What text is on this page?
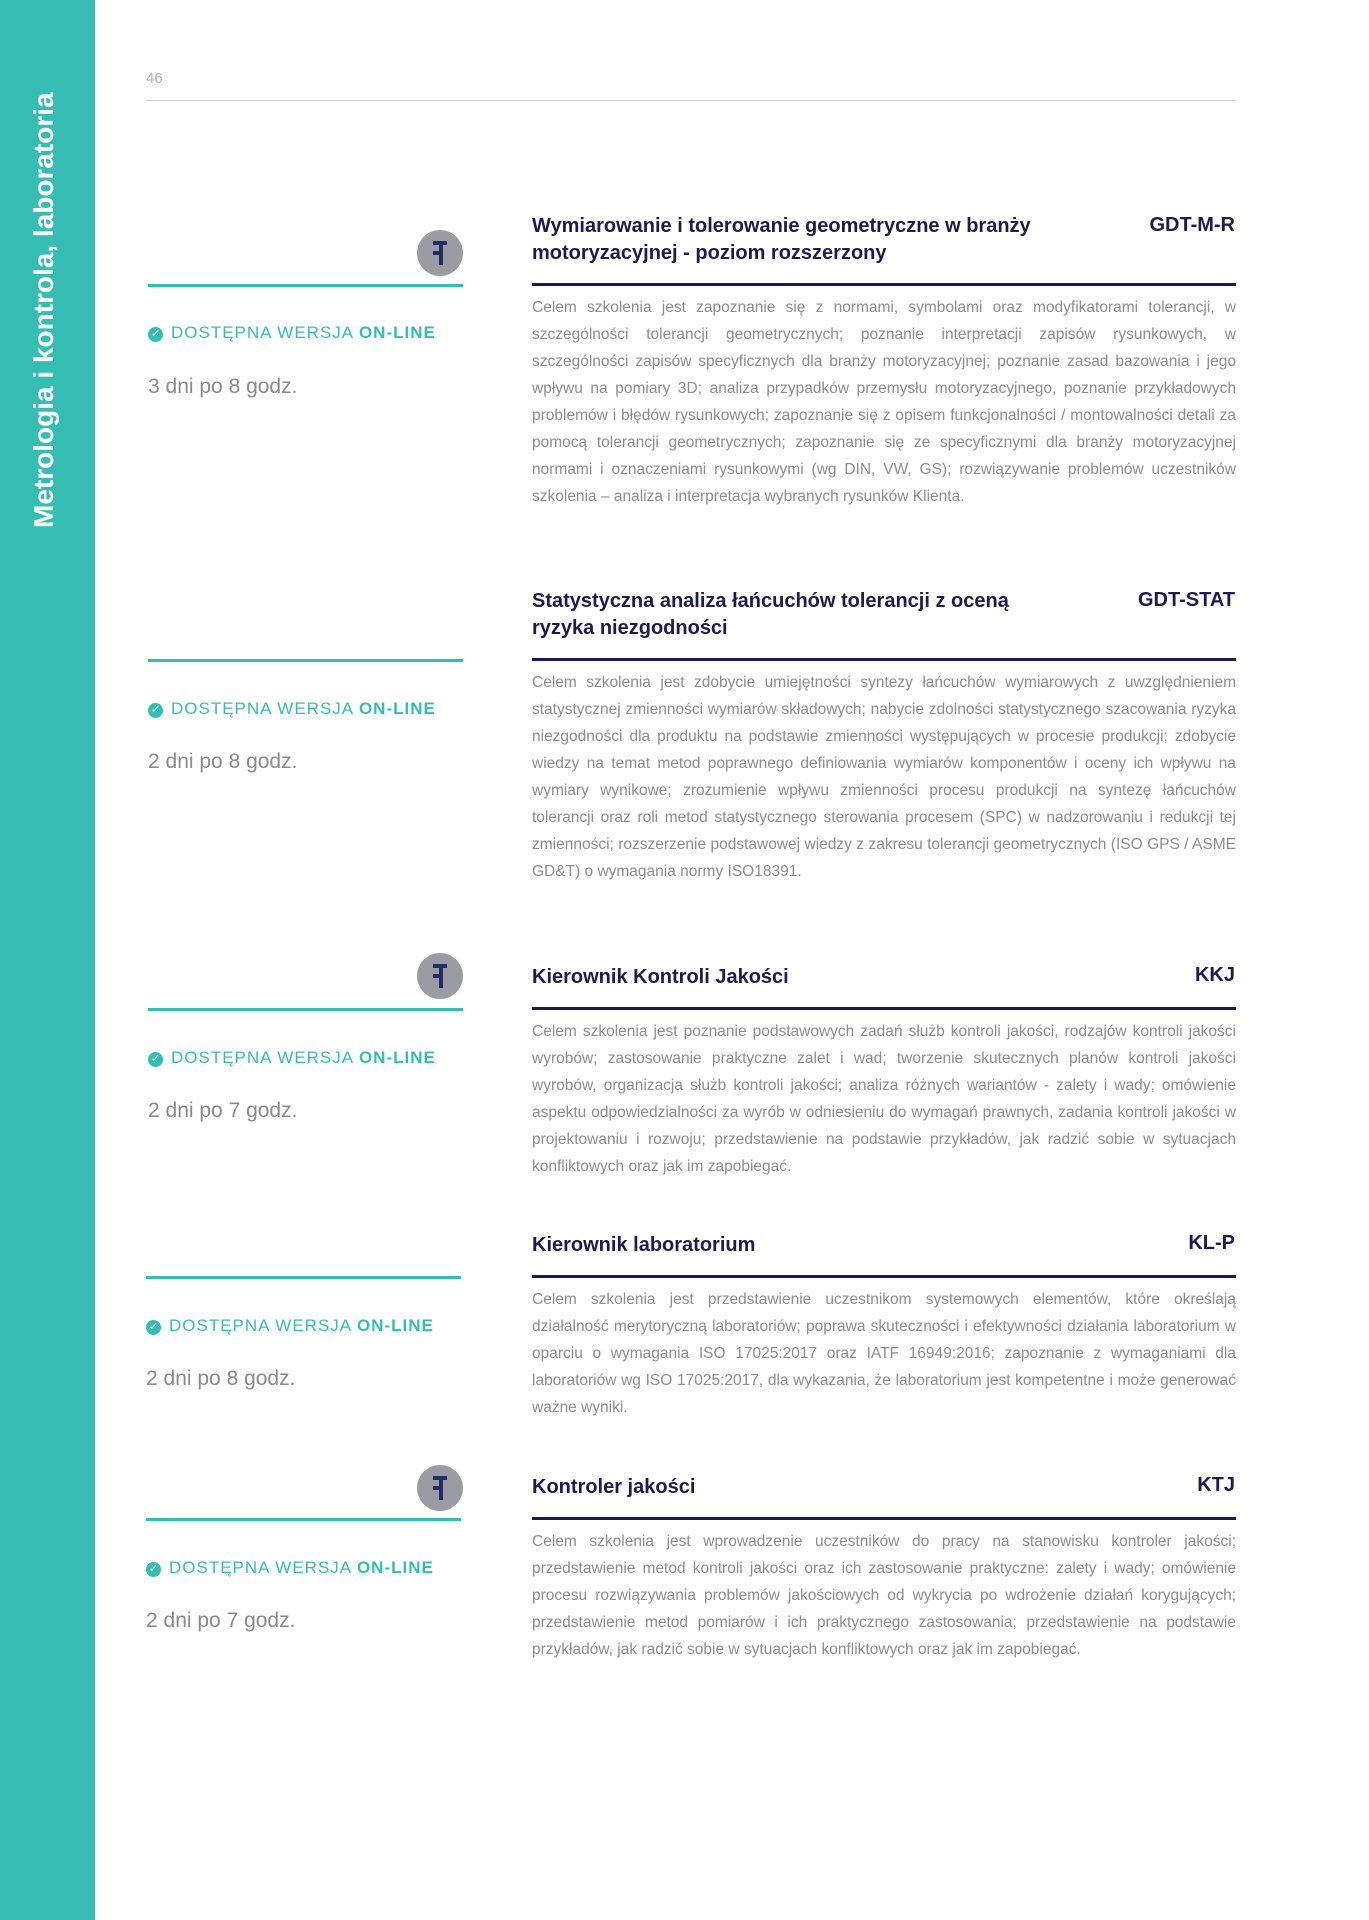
Metrologia i kontrola, laboratoria
46
✓ DOSTĘPNA WERSJA ON-LINE
3 dni po 8 godz.
Wymiarowanie i tolerowanie geometryczne w branży motoryzacyjnej - poziom rozszerzony
GDT-M-R
Celem szkolenia jest zapoznanie się z normami, symbolami oraz modyfikatorami tolerancji, w szczególności tolerancji geometrycznych; poznanie interpretacji zapisów rysunkowych, w szczególności zapisów specyficznych dla branży motoryzacyjnej; poznanie zasad bazowania i jego wpływu na pomiary 3D; analiza przypadków przemysłu motoryzacyjnego, poznanie przykładowych problemów i błędów rysunkowych; zapoznanie się z opisem funkcjonalności / montowalności detali za pomocą tolerancji geometrycznych; zapoznanie się ze specyficznymi dla branży motoryzacyjnej normami i oznaczeniami rysunkowymi (wg DIN, VW, GS); rozwiązywanie problemów uczestników szkolenia – analiza i interpretacja wybranych rysunków Klienta.
✓ DOSTĘPNA WERSJA ON-LINE
2 dni po 8 godz.
Statystyczna analiza łańcuchów tolerancji z oceną ryzyka niezgodności
GDT-STAT
Celem szkolenia jest zdobycie umiejętności syntezy łańcuchów wymiarowych z uwzględnieniem statystycznej zmienności wymiarów składowych; nabycie zdolności statystycznego szacowania ryzyka niezgodności dla produktu na podstawie zmienności występujących w procesie produkcji; zdobycie wiedzy na temat metod poprawnego definiowania wymiarów komponentów i oceny ich wpływu na wymiary wynikowe; zrozumienie wpływu zmienności procesu produkcji na syntezę łańcuchów tolerancji oraz roli metod statystycznego sterowania procesem (SPC) w nadzorowaniu i redukcji tej zmienności; rozszerzenie podstawowej wiedzy z zakresu tolerancji geometrycznych (ISO GPS / ASME GD&T) o wymagania normy ISO18391.
✓ DOSTĘPNA WERSJA ON-LINE
2 dni po 7 godz.
Kierownik Kontroli Jakości	KKJ
Celem szkolenia jest poznanie podstawowych zadań służb kontroli jakości, rodzajów kontroli jakości wyrobów; zastosowanie praktyczne zalet i wad; tworzenie skutecznych planów kontroli jakości wyrobów, organizacja służb kontroli jakości; analiza różnych wariantów - zalety i wady; omówienie aspektu odpowiedzialności za wyrób w odniesieniu do wymagań prawnych, zadania kontroli jakości w projektowaniu i rozwoju; przedstawienie na podstawie przykładów, jak radzić sobie w sytuacjach konfliktowych oraz jak im zapobiegać.
✓ DOSTĘPNA WERSJA ON-LINE
2 dni po 8 godz.
Kierownik laboratorium	KL-P
Celem szkolenia jest przedstawienie uczestnikom systemowych elementów, które określają działalność merytoryczną laboratoriów; poprawa skuteczności i efektywności działania laboratorium w oparciu o wymagania ISO 17025:2017 oraz IATF 16949:2016; zapoznanie z wymaganiami dla laboratoriów wg ISO 17025:2017, dla wykazania, że laboratorium jest kompetentne i może generować ważne wyniki.
✓ DOSTĘPNA WERSJA ON-LINE
2 dni po 7 godz.
Kontroler jakości	KTJ
Celem szkolenia jest wprowadzenie uczestników do pracy na stanowisku kontroler jakości; przedstawienie metod kontroli jakości oraz ich zastosowanie praktyczne: zalety i wady; omówienie procesu rozwiązywania problemów jakościowych od wykrycia po wdrożenie działań korygujących; przedstawienie metod pomiarów i ich praktycznego zastosowania; przedstawienie na podstawie przykładów, jak radzić sobie w sytuacjach konfliktowych oraz jak im zapobiegać.
